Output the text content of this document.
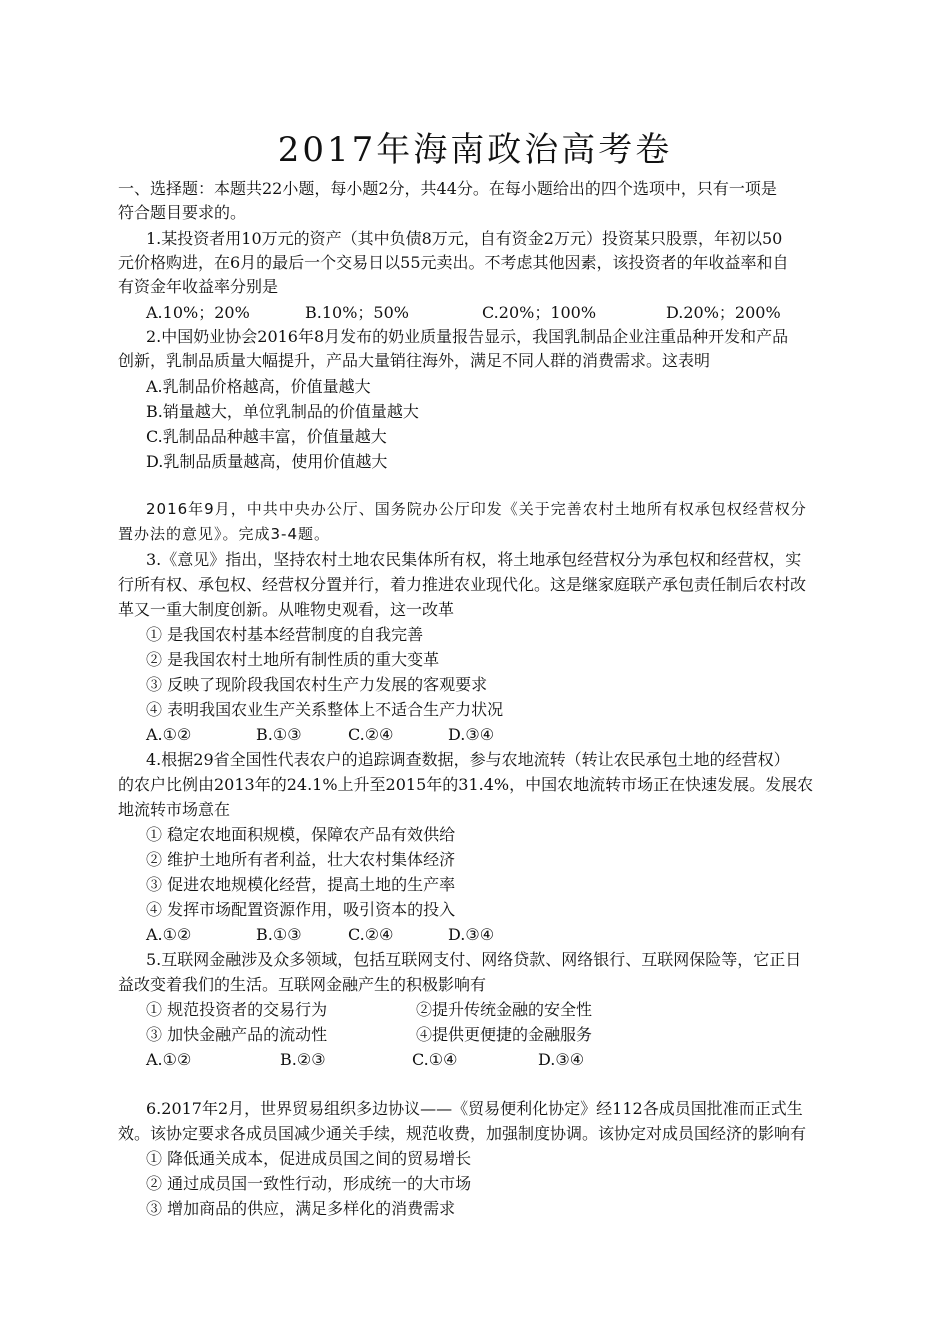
2017年海南政治高考卷
一、选择题：本题共22小题，每小题2分，共44分。在每小题给出的四个选项中，只有一项是
符合题目要求的。
1.某投资者用10万元的资产（其中负债8万元，自有资金2万元）投资某只股票，年初以50
元价格购进，在6月的最后一个交易日以55元卖出。不考虑其他因素，该投资者的年收益率和自
有资金年收益率分别是
A.10%；20%	B.10%；50%	C.20%；100%	D.20%；200%
2.中国奶业协会2016年8月发布的奶业质量报告显示，我国乳制品企业注重品种开发和产品
创新，乳制品质量大幅提升，产品大量销往海外，满足不同人群的消费需求。这表明
A.乳制品价格越高，价值量越大
B.销量越大，单位乳制品的价值量越大
C.乳制品品种越丰富，价值量越大
D.乳制品质量越高，使用价值越大
2016年9月，中共中央办公厅、国务院办公厅印发《关于完善农村土地所有权承包权经营权分
置办法的意见》。完成3-4题。
3.《意见》指出，坚持农村土地农民集体所有权，将土地承包经营权分为承包权和经营权，实
行所有权、承包权、经营权分置并行，着力推进农业现代化。这是继家庭联产承包责任制后农村改
革又一重大制度创新。从唯物史观看，这一改革
① 是我国农村基本经营制度的自我完善
② 是我国农村土地所有制性质的重大变革
③ 反映了现阶段我国农村生产力发展的客观要求
④ 表明我国农业生产关系整体上不适合生产力状况
A.①②	B.①③	C.②④	D.③④
4.根据29省全国性代表农户的追踪调查数据，参与农地流转（转让农民承包土地的经营权）
的农户比例由2013年的24.1%上升至2015年的31.4%，中国农地流转市场正在快速发展。发展农
地流转市场意在
① 稳定农地面积规模，保障农产品有效供给
② 维护土地所有者利益，壮大农村集体经济
③ 促进农地规模化经营，提高土地的生产率
④ 发挥市场配置资源作用，吸引资本的投入
A.①②	B.①③	C.②④	D.③④
5.互联网金融涉及众多领域，包括互联网支付、网络贷款、网络银行、互联网保险等，它正日
益改变着我们的生活。互联网金融产生的积极影响有
① 规范投资者的交易行为	②提升传统金融的安全性
③ 加快金融产品的流动性	④提供更便捷的金融服务
A.①②	B.②③	C.①④	D.③④
6.2017年2月，世界贸易组织多边协议——《贸易便利化协定》经112各成员国批准而正式生
效。该协定要求各成员国减少通关手续，规范收费，加强制度协调。该协定对成员国经济的影响有
① 降低通关成本，促进成员国之间的贸易增长
② 通过成员国一致性行动，形成统一的大市场
③ 增加商品的供应，满足多样化的消费需求
